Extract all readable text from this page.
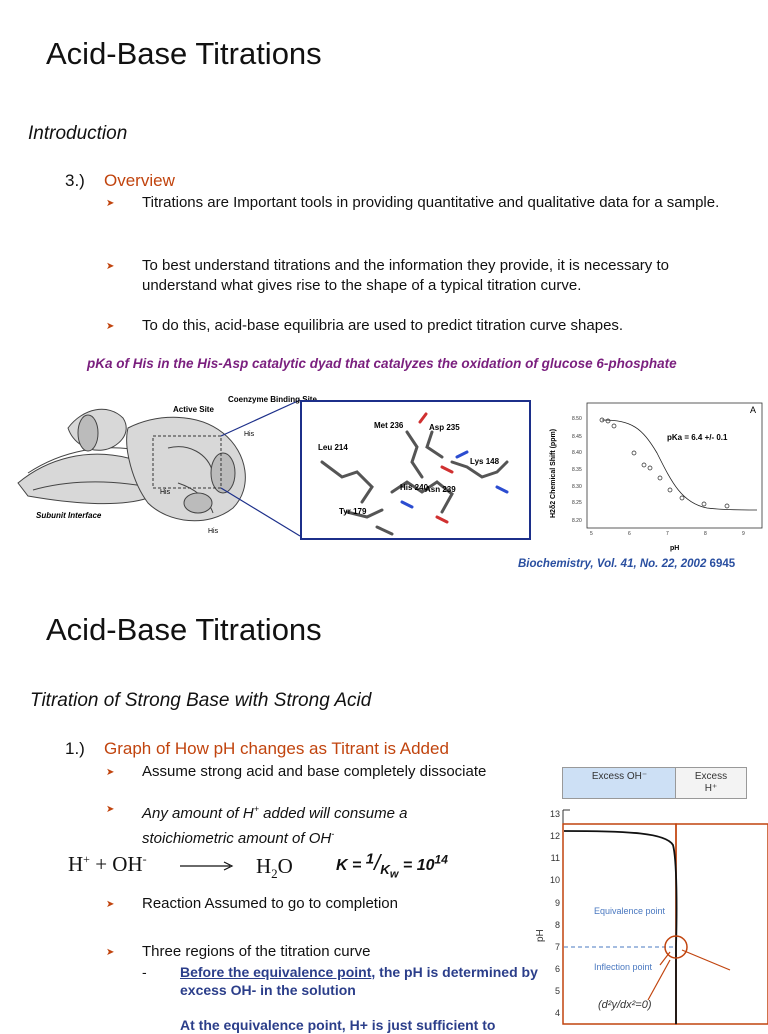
Acid-Base Titrations
Introduction
3.) Overview
➤ Titrations are Important tools in providing quantitative and qualitative data for a sample.
➤ To best understand titrations and the information they provide, it is necessary to understand what gives rise to the shape of a typical titration curve.
➤ To do this, acid-base equilibria are used to predict titration curve shapes.
pKa of His in the His-Asp catalytic dyad that catalyzes the oxidation of glucose 6-phosphate
Active Site
Coenzyme Binding Site
Subunit Interface
His
His
His
Met 236	Asp 235
Leu 214
Lys 148
His 240
Asn 239
Tyr 179
A
H2δ2 Chemical Shift (ppm)
8.50
8.45
8.40
8.35
8.30
8.25
8.20
pKa = 6.4 +/- 0.1
5	6	7	8	9
pH
Biochemistry, Vol. 41, No. 22, 2002 6945
Acid-Base Titrations
Titration of Strong Base with Strong Acid
1.) Graph of How pH changes as Titrant is Added
➤ Assume strong acid and base completely dissociate
➤ Any amount of H+ added will consume a
stoichiometric amount of OH-
$H^+ + OH^- \to H_2O$	$K = ^1/_{K_w} = 10^{14}$
➤ Reaction Assumed to go to completion
➤ Three regions of the titration curve
- Before the equivalence point, the pH is determined by excess OH- in the solution
At the equivalence point, H+ is just sufficient to
Excess OH⁻	Excess H⁺
13
12
11
10
9
8
7
6
5
4
pH
Equivalence point
Inflection point
(d²y/dx²=0)
